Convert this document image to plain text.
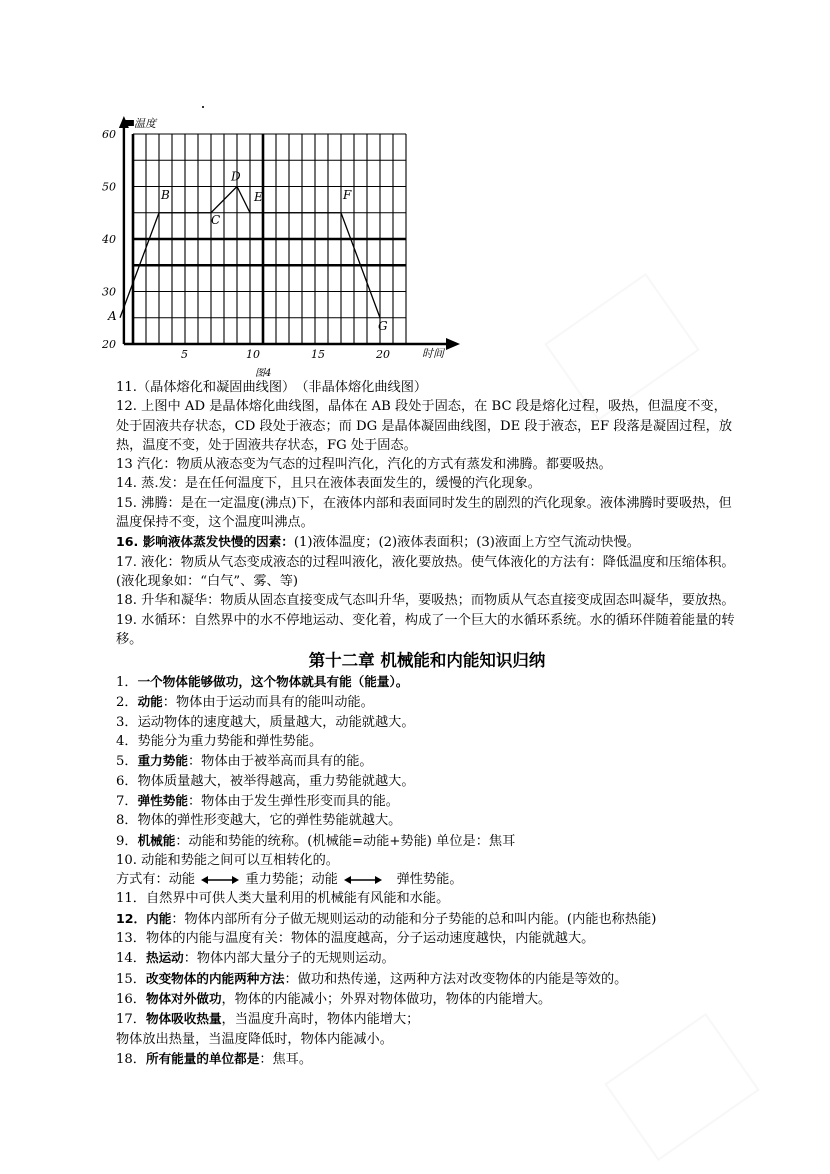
20
30
40
50
60
5	10	15	20
A
B
C
D
E	F
G
温度
时间
图4

11.（晶体熔化和凝固曲线图）　（非晶体熔化曲线图）

12. 上图中 AD 是晶体熔化曲线图，晶体在 AB 段处于固态，在 BC 段是熔化过程，吸热，但温度不变，处于固液共存状态，CD 段处于液态；而 DG 是晶体凝固曲线图，DE 段于液态，EF 段落是凝固过程，放热，温度不变，处于固液共存状态，FG 处于固态。

13 汽化：物质从液态变为气态的过程叫汽化，汽化的方式有蒸发和沸腾。都要吸热。

14. 蒸.发：是在任何温度下，且只在液体表面发生的，缓慢的汽化现象。

15. 沸腾：是在一定温度(沸点)下，在液体内部和表面同时发生的剧烈的汽化现象。液体沸腾时要吸热，但温度保持不变，这个温度叫沸点。

16. 影响液体蒸发快慢的因素：(1)液体温度；(2)液体表面积；(3)液面上方空气流动快慢。

17. 液化：物质从气态变成液态的过程叫液化，液化要放热。使气体液化的方法有：降低温度和压缩体积。(液化现象如：“白气”、雾、等)

18. 升华和凝华：物质从固态直接变成气态叫升华，要吸热；而物质从气态直接变成固态叫凝华，要放热。

19. 水循环：自然界中的水不停地运动、变化着，构成了一个巨大的水循环系统。水的循环伴随着能量的转移。

第十二章 机械能和内能知识归纳

1．一个物体能够做功，这个物体就具有能（能量）。

2．动能：物体由于运动而具有的能叫动能。

3．运动物体的速度越大，质量越大，动能就越大。

4．势能分为重力势能和弹性势能。

5．重力势能：物体由于被举高而具有的能。

6．物体质量越大，被举得越高，重力势能就越大。

7．弹性势能：物体由于发生弹性形变而具的能。

8．物体的弹性形变越大，它的弹性势能就越大。

9．机械能：动能和势能的统称。(机械能=动能+势能) 单位是：焦耳

10. 动能和势能之间可以互相转化的。

方式有：动能	重力势能；动能	弹性势能。

11．自然界中可供人类大量利用的机械能有风能和水能。

12．内能：物体内部所有分子做无规则运动的动能和分子势能的总和叫内能。(内能也称热能)

13．物体的内能与温度有关：物体的温度越高，分子运动速度越快，内能就越大。

14．热运动：物体内部大量分子的无规则运动。

15．改变物体的内能两种方法：做功和热传递，这两种方法对改变物体的内能是等效的。

16．物体对外做功，物体的内能减小；外界对物体做功，物体的内能增大。

17．物体吸收热量，当温度升高时，物体内能增大；

物体放出热量，当温度降低时，物体内能减小。

18．所有能量的单位都是：焦耳。
